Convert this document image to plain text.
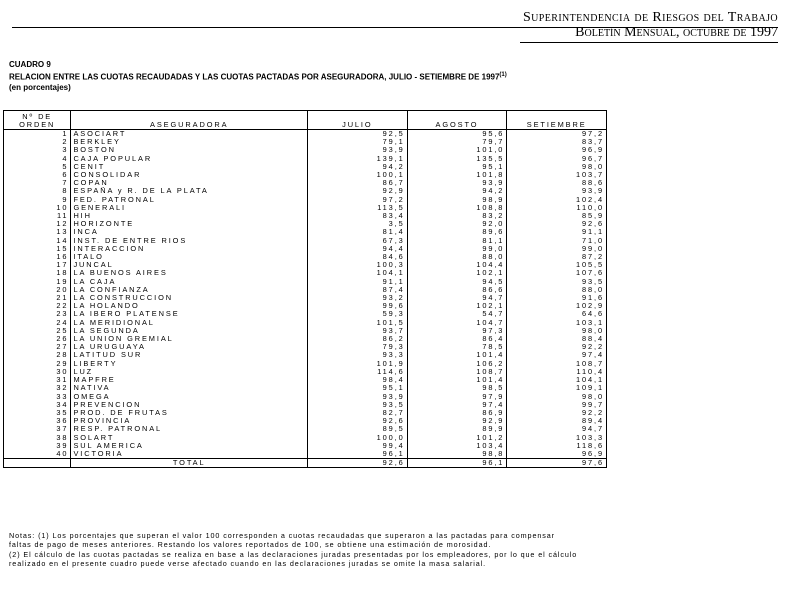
Superintendencia de Riesgos del Trabajo
Boletín Mensual, octubre de 1997
CUADRO 9
RELACION ENTRE LAS CUOTAS RECAUDADAS Y LAS CUOTAS PACTADAS POR ASEGURADORA, JULIO - SETIEMBRE DE 1997$^{(1)}$
(en porcentajes)
Nº DE
ORDEN	ASEGURADORA	JULIO	AGOSTO	SETIEMBRE
1	ASOCIART	92,5	95,6	97,2
2	BERKLEY	79,1	79,7	83,7
3	BOSTON	93,9	101,0	96,9
4	CAJA POPULAR	139,1	135,5	96,7
5	CENIT	94,2	95,1	98,0
6	CONSOLIDAR	100,1	101,8	103,7
7	COPAN	86,7	93,9	88,6
8	ESPAÑA y R. DE LA PLATA	92,9	94,2	93,9
9	FED. PATRONAL	97,2	98,9	102,4
10	GENERALI	113,5	108,8	110,0
11	HIH	83,4	83,2	85,9
12	HORIZONTE	3,5	92,0	92,6
13	INCA	81,4	89,6	91,1
14	INST. DE ENTRE RIOS	67,3	81,1	71,0
15	INTERACCION	94,4	99,0	99,0
16	ITALO	84,6	88,0	87,2
17	JUNCAL	100,3	104,4	105,5
18	LA BUENOS AIRES	104,1	102,1	107,6
19	LA CAJA	91,1	94,5	93,5
20	LA CONFIANZA	87,4	86,6	88,0
21	LA CONSTRUCCION	93,2	94,7	91,6
22	LA HOLANDO	99,6	102,1	102,9
23	LA IBERO PLATENSE	59,3	54,7	64,6
24	LA MERIDIONAL	101,5	104,7	103,1
25	LA SEGUNDA	93,7	97,3	98,0
26	LA UNION GREMIAL	86,2	86,4	88,4
27	LA URUGUAYA	79,3	78,5	92,2
28	LATITUD SUR	93,3	101,4	97,4
29	LIBERTY	101,9	106,2	108,7
30	LUZ	114,6	108,7	110,4
31	MAPFRE	98,4	101,4	104,1
32	NATIVA	95,1	98,5	109,1
33	OMEGA	93,9	97,9	98,0
34	PREVENCION	93,5	97,4	99,7
35	PROD. DE FRUTAS	82,7	86,9	92,2
36	PROVINCIA	92,6	92,9	89,4
37	RESP. PATRONAL	89,5	89,9	94,7
38	SOLART	100,0	101,2	103,3
39	SUL AMERICA	99,4	103,4	118,6
40	VICTORIA	96,1	98,8	96,9
	TOTAL	92,6	96,1	97,6
Notas: (1) Los porcentajes que superan el valor 100 corresponden a cuotas recaudadas que superaron a las pactadas para compensar
faltas de pago de meses anteriores. Restando los valores reportados de 100, se obtiene una estimación de morosidad.
(2) El cálculo de las cuotas pactadas se realiza en base a las declaraciones juradas presentadas por los empleadores, por lo que el cálculo
realizado en el presente cuadro puede verse afectado cuando en las declaraciones juradas se omite la masa salarial.
